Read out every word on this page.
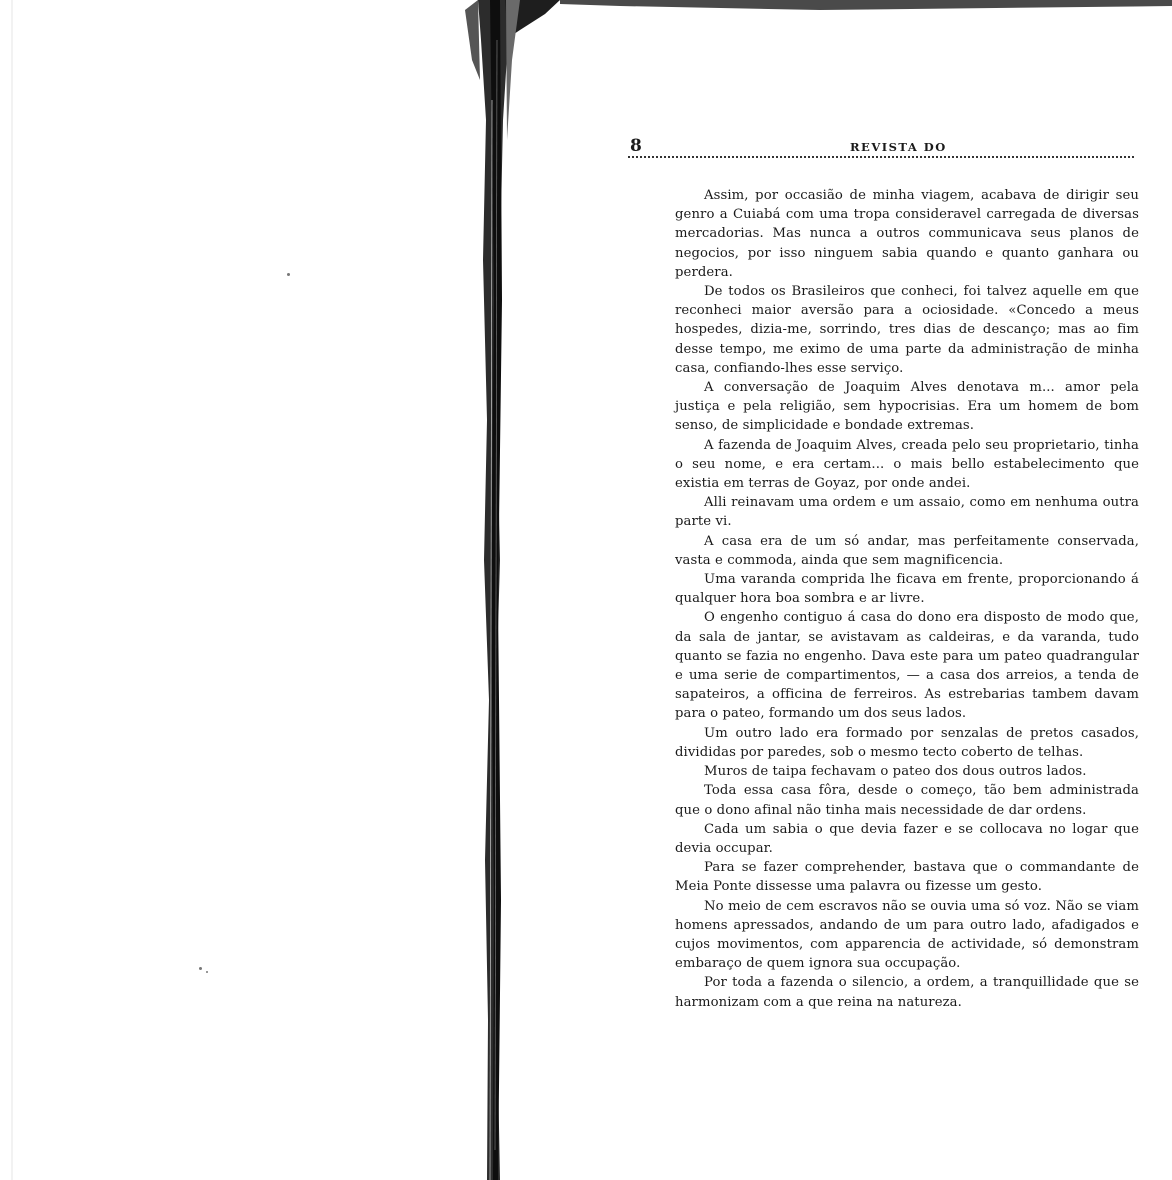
8	REVISTA DO

Assim, por occasião de minha viagem, acabava de dirigir seu genro a Cuiabá com uma tropa consideravel carregada de diversas mercadorias. Mas nunca a outros communicava seus planos de negocios, por isso ninguem sabia quando e quanto ganhara ou perdera.

De todos os Brasileiros que conheci, foi talvez aquelle em que reconheci maior aversão para a ociosidade. «Concedo a meus hospedes, dizia-me, sorrindo, tres dias de descanço; mas ao fim desse tempo, me eximo de uma parte da administração de minha casa, confiando-lhes esse serviço.

A conversação de Joaquim Alves denotava m... amor pela justiça e pela religião, sem hypocrisias. Era um homem de bom senso, de simplicidade e bondade extremas.

A fazenda de Joaquim Alves, creada pelo seu proprietario, tinha o seu nome, e era certam... o mais bello estabelecimento que existia em terras de Goyaz, por onde andei.

Alli reinavam uma ordem e um assaio, como em nenhuma outra parte vi.

A casa era de um só andar, mas perfeitamente conservada, vasta e commoda, ainda que sem magnificencia.

Uma varanda comprida lhe ficava em frente, proporcionando á qualquer hora boa sombra e ar livre.

O engenho contiguo á casa do dono era disposto de modo que, da sala de jantar, se avistavam as caldeiras, e da varanda, tudo quanto se fazia no engenho. Dava este para um pateo quadrangular e uma serie de compartimentos, — a casa dos arreios, a tenda de sapateiros, a officina de ferreiros. As estrebarias tambem davam para o pateo, formando um dos seus lados.

Um outro lado era formado por senzalas de pretos casados, divididas por paredes, sob o mesmo tecto coberto de telhas.

Muros de taipa fechavam o pateo dos dous outros lados.

Toda essa casa fôra, desde o começo, tão bem administrada que o dono afinal não tinha mais necessidade de dar ordens.

Cada um sabia o que devia fazer e se collocava no logar que devia occupar.

Para se fazer comprehender, bastava que o commandante de Meia Ponte dissesse uma palavra ou fizesse um gesto.

No meio de cem escravos não se ouvia uma só voz. Não se viam homens apressados, andando de um para outro lado, afadigados e cujos movimentos, com apparencia de actividade, só demonstram embaraço de quem ignora sua occupação.

Por toda a fazenda o silencio, a ordem, a tranquillidade que se harmonizam com a que reina na natureza.
